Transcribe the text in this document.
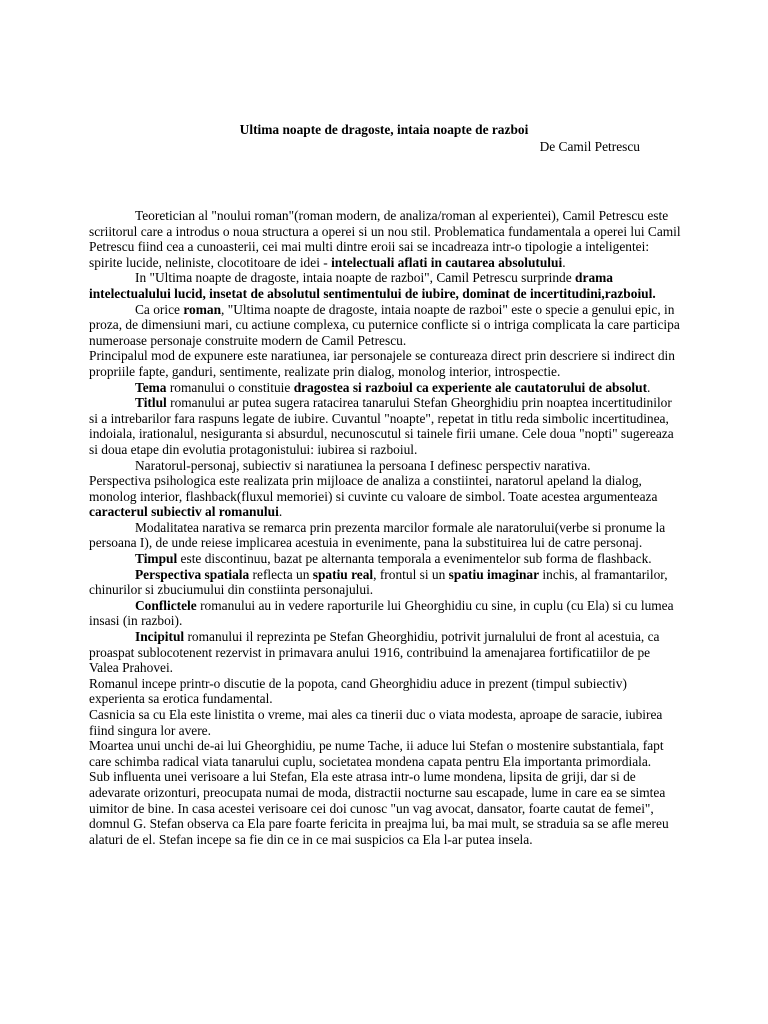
Ultima noapte de dragoste, intaia noapte de razboi

De Camil Petrescu

Teoretician al "noului roman"(roman modern, de analiza/roman al experientei), Camil Petrescu este scriitorul care a introdus o noua structura a operei si un nou stil. Problematica fundamentala a operei lui Camil Petrescu fiind cea a cunoasterii, cei mai multi dintre eroii sai se incadreaza intr-o tipologie a inteligentei: spirite lucide, neliniste, clocotitoare de idei - intelectuali aflati in cautarea absolutului.

In "Ultima noapte de dragoste, intaia noapte de razboi", Camil Petrescu surprinde drama intelectualului lucid, insetat de absolutul sentimentului de iubire, dominat de incertitudini,razboiul.

Ca orice roman, "Ultima noapte de dragoste, intaia noapte de razboi" este o specie a genului epic, in proza, de dimensiuni mari, cu actiune complexa, cu puternice conflicte si o intriga complicata la care participa numeroase personaje construite modern de Camil Petrescu.

Principalul mod de expunere este naratiunea, iar personajele se contureaza direct prin descriere si indirect din propriile fapte, ganduri, sentimente, realizate prin dialog, monolog interior, introspectie.

Tema romanului o constituie dragostea si razboiul ca experiente ale cautatorului de absolut.

Titlul romanului ar putea sugera ratacirea tanarului Stefan Gheorghidiu prin noaptea incertitudinilor si a intrebarilor fara raspuns legate de iubire. Cuvantul "noapte", repetat in titlu reda simbolic incertitudinea, indoiala, irationalul, nesiguranta si absurdul, necunoscutul si tainele firii umane. Cele doua "nopti" sugereaza si doua etape din evolutia protagonistului: iubirea si razboiul.

Naratorul-personaj, subiectiv si naratiunea la persoana I definesc perspectiv narativa.

Perspectiva psihologica este realizata prin mijloace de analiza a constiintei, naratorul apeland la dialog, monolog interior, flashback(fluxul memoriei) si cuvinte cu valoare de simbol. Toate acestea argumenteaza caracterul subiectiv al romanului.

Modalitatea narativa se remarca prin prezenta marcilor formale ale naratorului(verbe si pronume la persoana I), de unde reiese implicarea acestuia in evenimente, pana la substituirea lui de catre personaj.

Timpul este discontinuu, bazat pe alternanta temporala a evenimentelor sub forma de flashback.

Perspectiva spatiala reflecta un spatiu real, frontul si un spatiu imaginar inchis, al framantarilor, chinurilor si zbuciumului din constiinta personajului.

Conflictele romanului au in vedere raporturile lui Gheorghidiu cu sine, in cuplu (cu Ela) si cu lumea insasi (in razboi).

Incipitul romanului il reprezinta pe Stefan Gheorghidiu, potrivit jurnalului de front al acestuia, ca proaspat sublocotenent rezervist in primavara anului 1916, contribuind la amenajarea fortificatiilor de pe Valea Prahovei.

Romanul incepe printr-o discutie de la popota, cand Gheorghidiu aduce in prezent (timpul subiectiv) experienta sa erotica fundamental.

Casnicia sa cu Ela este linistita o vreme, mai ales ca tinerii duc o viata modesta, aproape de saracie, iubirea fiind singura lor avere.

Moartea unui unchi de-ai lui Gheorghidiu, pe nume Tache, ii aduce lui Stefan o mostenire substantiala, fapt care schimba radical viata tanarului cuplu, societatea mondena capata pentru Ela importanta primordiala.

Sub influenta unei verisoare a lui Stefan, Ela este atrasa intr-o lume mondena, lipsita de griji, dar si de adevarate orizonturi, preocupata numai de moda, distractii nocturne sau escapade, lume in care ea se simtea uimitor de bine. In casa acestei verisoare cei doi cunosc "un vag avocat, dansator, foarte cautat de femei", domnul G. Stefan observa ca Ela pare foarte fericita in preajma lui, ba mai mult, se straduia sa se afle mereu alaturi de el. Stefan incepe sa fie din ce in ce mai suspicios ca Ela l-ar putea insela.
